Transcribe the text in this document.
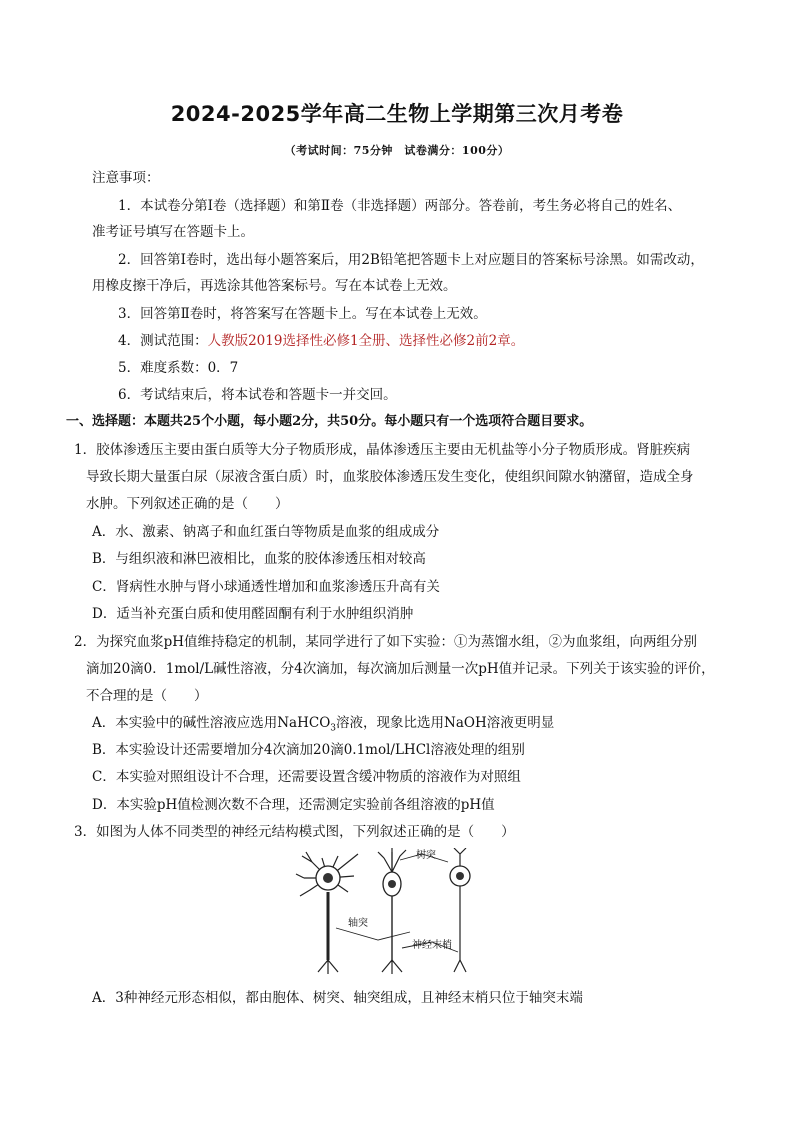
2024-2025学年高二生物上学期第三次月考卷
（考试时间：75分钟　试卷满分：100分）
注意事项：
1．本试卷分第Ⅰ卷（选择题）和第Ⅱ卷（非选择题）两部分。答卷前，考生务必将自己的姓名、
准考证号填写在答题卡上。
2．回答第Ⅰ卷时，选出每小题答案后，用2B铅笔把答题卡上对应题目的答案标号涂黑。如需改动，
用橡皮擦干净后，再选涂其他答案标号。写在本试卷上无效。
3．回答第Ⅱ卷时，将答案写在答题卡上。写在本试卷上无效。
4．测试范围：人教版2019选择性必修1全册、选择性必修2前2章。
5．难度系数：0．7
6．考试结束后，将本试卷和答题卡一并交回。
一、选择题：本题共25个小题，每小题2分，共50分。每小题只有一个选项符合题目要求。
1．胶体渗透压主要由蛋白质等大分子物质形成，晶体渗透压主要由无机盐等小分子物质形成。肾脏疾病
导致长期大量蛋白尿（尿液含蛋白质）时，血浆胶体渗透压发生变化，使组织间隙水钠潴留，造成全身
水肿。下列叙述正确的是（　　）
A．水、激素、钠离子和血红蛋白等物质是血浆的组成成分
B．与组织液和淋巴液相比，血浆的胶体渗透压相对较高
C．肾病性水肿与肾小球通透性增加和血浆渗透压升高有关
D．适当补充蛋白质和使用醛固酮有利于水肿组织消肿
2．为探究血浆pH值维持稳定的机制，某同学进行了如下实验：①为蒸馏水组，②为血浆组，向两组分别
滴加20滴0．1mol/L碱性溶液，分4次滴加，每次滴加后测量一次pH值并记录。下列关于该实验的评价，
不合理的是（　　）
A．本实验中的碱性溶液应选用NaHCO$_3$溶液，现象比选用NaOH溶液更明显
B．本实验设计还需要增加分4次滴加20滴0.1mol/LHCl溶液处理的组别
C．本实验对照组设计不合理，还需要设置含缓冲物质的溶液作为对照组
D．本实验pH值检测次数不合理，还需测定实验前各组溶液的pH值
3．如图为人体不同类型的神经元结构模式图，下列叙述正确的是（　　）
树突
轴突
神经末梢
A．3种神经元形态相似，都由胞体、树突、轴突组成，且神经末梢只位于轴突末端
